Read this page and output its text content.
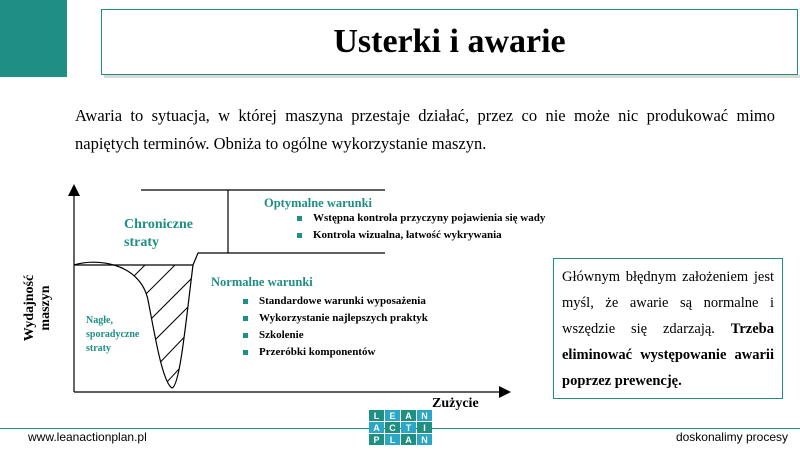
Usterki i awarie
Awaria to sytuacja, w której maszyna przestaje działać, przez co nie może nic produkować mimo napiętych terminów. Obniża to ogólne wykorzystanie maszyn.
Wydajność maszyn
Zużycie
Chroniczne
straty
Nagłe,
sporadyczne
straty
Optymalne warunki
Wstępna kontrola przyczyny pojawienia się wady
Kontrola wizualna, łatwość wykrywania
Normalne warunki
Standardowe warunki wyposażenia
Wykorzystanie najlepszych praktyk
Szkolenie
Przeróbki komponentów
Głównym błędnym założeniem jest myśl, że awarie są normalne i wszędzie się zdarzają. Trzeba eliminować występowanie awarii poprzez prewencję.
www.leanactionplan.pl	doskonalimy procesy
L	E	A	N
A	C	T	I
P	L	A	N
